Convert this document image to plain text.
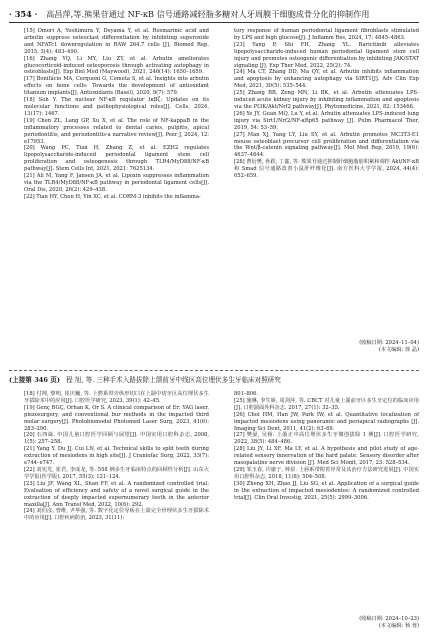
· 354 · 高昌萍,等.熊果苷通过 NF-κB 信号通路减轻脂多糖对人牙周膜干细胞成骨分化的抑制作用

[15] Omori A, Yoshimura Y, Deyama Y, et al. Rosmarinic acid and arbutin suppress osteoclast differentiation by inhibiting superoxide and NFATc1 downregulation in RAW 264.7 cells [J]. Biomed Rep, 2015, 3(4): 483–490.

[16] Zhang YQ, Li MY, Liu ZY, et al. Arbutin ameliorates glucocorticoid-induced osteoporosis through activating autophagy in osteoblasts[J]. Exp Biol Med (Maywood), 2021, 246(14): 1650–1659.

[17] Bonifácio MA, Cerqueni G, Cometa S, et al. Insights into arbutin effects on bone cells: Towards the development of antioxidant titanium implants[J]. Antioxidants (Basel), 2020, 9(7): 579.

[18] Soh Y. The nuclear NF-κB regulator IκBζ: Updates on its molecular functions and pathophysiological roles[J]. Cells, 2024, 13(17): 1467.

[19] Chen ZL, Lang GP, Xu X, et al. The role of NF-kappaB in the inflammatory processes related to dental caries, pulpitis, apical periodontitis, and periodontitis-a narrative review[J]. Peer J, 2024, 12: e17953.

[20] Wang PC, Tian H, Zhang Z, et al. EZH2 regulates lipopolysaccharide-induced periodontal ligament stem cell proliferation and osteogenesis through TLR4/MyD88/NF-κB pathway[J]. Stem Cells Int, 2021, 2021: 7625134.

[21] Ali M, Yang F, Jansen JA, et al. Lipoxin suppresses inflammation via the TLR4/MyD88/NF-κB pathway in periodontal ligament cells[J]. Oral Dis, 2020, 26(2): 429–438.

[22] Tian HY, Chen H, Yin XC, et al. CORM-3 inhibits the inflamma-

tory response of human periodontal ligament fibroblasts stimulated by LPS and high glucose[J]. J Inflamm Res, 2024, 17: 4845–4863.

[23] Yang P, Shi FH, Zhang YL. Baricitinib alleviates lipopolysaccharide-induced human periodontal ligament stem cell injury and promotes osteogenic differentiation by inhibiting JAK/STAT signaling [J]. Exp Ther Med, 2022, 25(2): 74.

[24] Ma CT, Zhang DD, Ma QY, et al. Arbutin inhibits inflammation and apoptosis by enhancing autophagy via SIRT1[J]. Adv Clin Exp Med, 2021, 30(5): 535–544.

[25] Zhang BB, Zeng MN, Li BK, et al. Arbutin attenuates LPS-induced acute kidney injury by inhibiting inflammation and apoptosis via the PI3K/Akt/Nrf2 pathway[J]. Phytomedicine, 2021, 82: 153466.

[26] Ye JY, Guan MQ, Lu Y, et al. Arbutin attenuates LPS-induced lung injury via Sirt1/Nrf2/NF-κBp65 pathway [J]. Pulm Pharmacol Ther, 2019, 54: 53–59.

[27] Man XJ, Yang LY, Liu SY, et al. Arbutin promotes MC3T3-E1 mouse osteoblast precursor cell proliferation and differentiation via the Wnt/β-catenin signaling pathway[J]. Mol Med Rep, 2019, 19(6): 4637–4644.

[28] 曹衍樊, 孙跃, 丁鑫, 等. 熊果苷通过抑制肝细胞脂肪积累和调控 Akt/NF-κB 和 Smad 信号通路改善小鼠肝纤维化[J]. 南方医科大学学报, 2024, 44(4): 652–659.

(收稿日期: 2024–11–04)
(本文编辑: 徐 晶)
(上接第 346 页) 程 旭, 等. 三种手术入路拔除上颌前牙中线区高位埋伏多生牙临床对照研究

[18] 付帅, 黎明, 崔庆巍, 等. 上腭系带旁纵形切口在上颌中切牙区高位埋伏多生牙拔除术中的应用[J]. 口腔医学研究, 2023, 39(1): 42–45.

[19] Genç BGÇ, Orhan K, Or S. A clinical comparison of Er: YAG laser, piezosurgery, and conventional bur methods in the impacted third molar surgery[J]. Photobiomodul Photomed Laser Surg, 2023, 41(6): 283–290.

[20] 石四箴. 中国儿童口腔医学回顾与展望[J]. 中国实用口腔科杂志, 2008, 1(5): 257–258.

[21] Yang Y, Du JJ, Cui LN, et al. Technical skills to split teeth during extraction of mesiodens in high site[J]. J Craniofac Surg, 2022, 33(7): e744–e747.

[22] 刘宪光, 崔君, 李成龙, 等. 558 例多生牙临床特点的回顾性分析[J]. 山东大学学报(医学版), 2017, 55(3): 121–124.

[23] Liu JF, Wang XL, Shan FF, et al. A randomized controlled trial: Evaluation of efficiency and safety of a novel surgical guide in the extraction of deeply impacted supernumerary teeth in the anterior maxilla[J]. Ann Transl Med, 2022, 10(6): 292.

[24] 刘伯彦, 曾维, 尹华强, 等. 数字化定位导板在上颌完全骨埋伏多生牙拔除术中的应用[J]. 口腔疾病防治, 2023, 31(11):

801–806.

[25] 施琳, 李生娇, 周剑萍, 等. CBCT 对儿童上颌前牙区多生牙定位的临床应用[J]. 口腔颌面外科杂志, 2017, 27(1): 32–35.

[26] Choi HM, Han JW, Park IW, et al. Quantitative localization of impacted mesiodens using panoramic and periapical radiographs [J]. Imaging Sci Dent, 2011, 41(2): 63–69.

[27] 樊晏, 吴杨. 上颌正中高位埋伏多生牙微创拔除 1 例[J]. 口腔医学研究, 2022, 38(5): 484–486.

[28] Liu JY, Li XF, Ma LY, et al. A hypothesis and pilot study of age-related sensory innervation of the hard palate: Sensory disorder after nasopalatine nerve division [J]. Med Sci Monit, 2017, 23: 528–534.

[29] 邹玉春, 许庸子, 钟泉. 上唇系带附着异常及其治疗方法研究进展[J]. 中国实用口腔科杂志, 2018, 11(8): 504–508.

[30] Zheng XH, Zhao JJ, Liu SG, et al. Application of a surgical guide in the extraction of impacted mesiodentes: A randomized controlled trial[J]. Clin Oral Investig, 2021, 25(5): 2999–3006.

(收稿日期: 2024–10–23)
(本文编辑: 杨 蓉)
